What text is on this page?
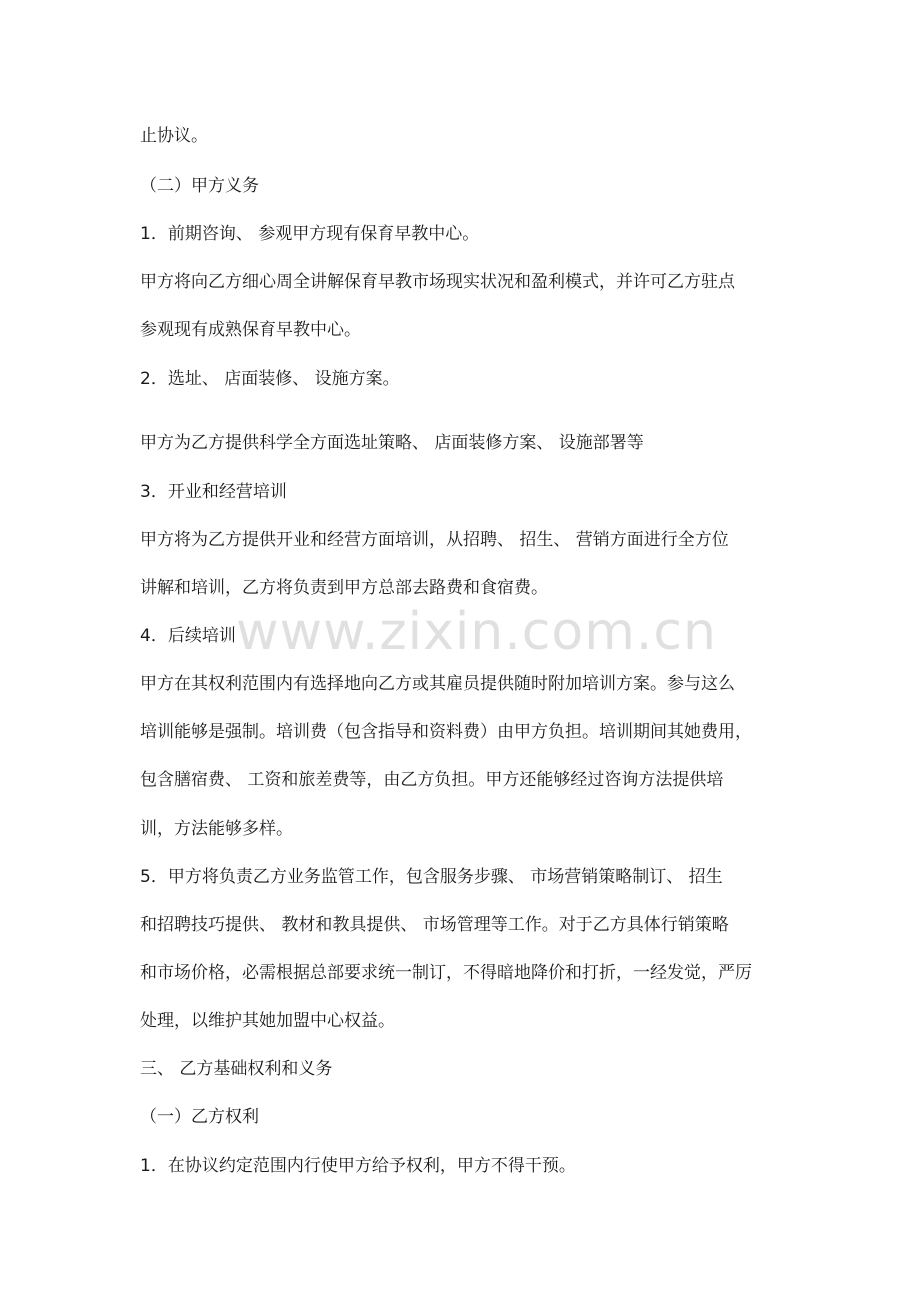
止协议。
（二）甲方义务
1．前期咨询、 参观甲方现有保育早教中心。
甲方将向乙方细心周全讲解保育早教市场现实状况和盈利模式，并许可乙方驻点
参观现有成熟保育早教中心。
2．选址、 店面装修、 设施方案。
甲方为乙方提供科学全方面选址策略、 店面装修方案、 设施部署等
3．开业和经营培训
甲方将为乙方提供开业和经营方面培训，从招聘、 招生、 营销方面进行全方位
讲解和培训，乙方将负责到甲方总部去路费和食宿费。
4．后续培训
甲方在其权利范围内有选择地向乙方或其雇员提供随时附加培训方案。参与这么
培训能够是强制。培训费（包含指导和资料费）由甲方负担。培训期间其她费用，
包含膳宿费、 工资和旅差费等，由乙方负担。甲方还能够经过咨询方法提供培
训，方法能够多样。
5．甲方将负责乙方业务监管工作，包含服务步骤、 市场营销策略制订、 招生
和招聘技巧提供、 教材和教具提供、 市场管理等工作。对于乙方具体行销策略
和市场价格，必需根据总部要求统一制订，不得暗地降价和打折，一经发觉，严厉
处理，以维护其她加盟中心权益。
三、 乙方基础权利和义务
（一）乙方权利
1．在协议约定范围内行使甲方给予权利，甲方不得干预。
www.zixin.com.cn
